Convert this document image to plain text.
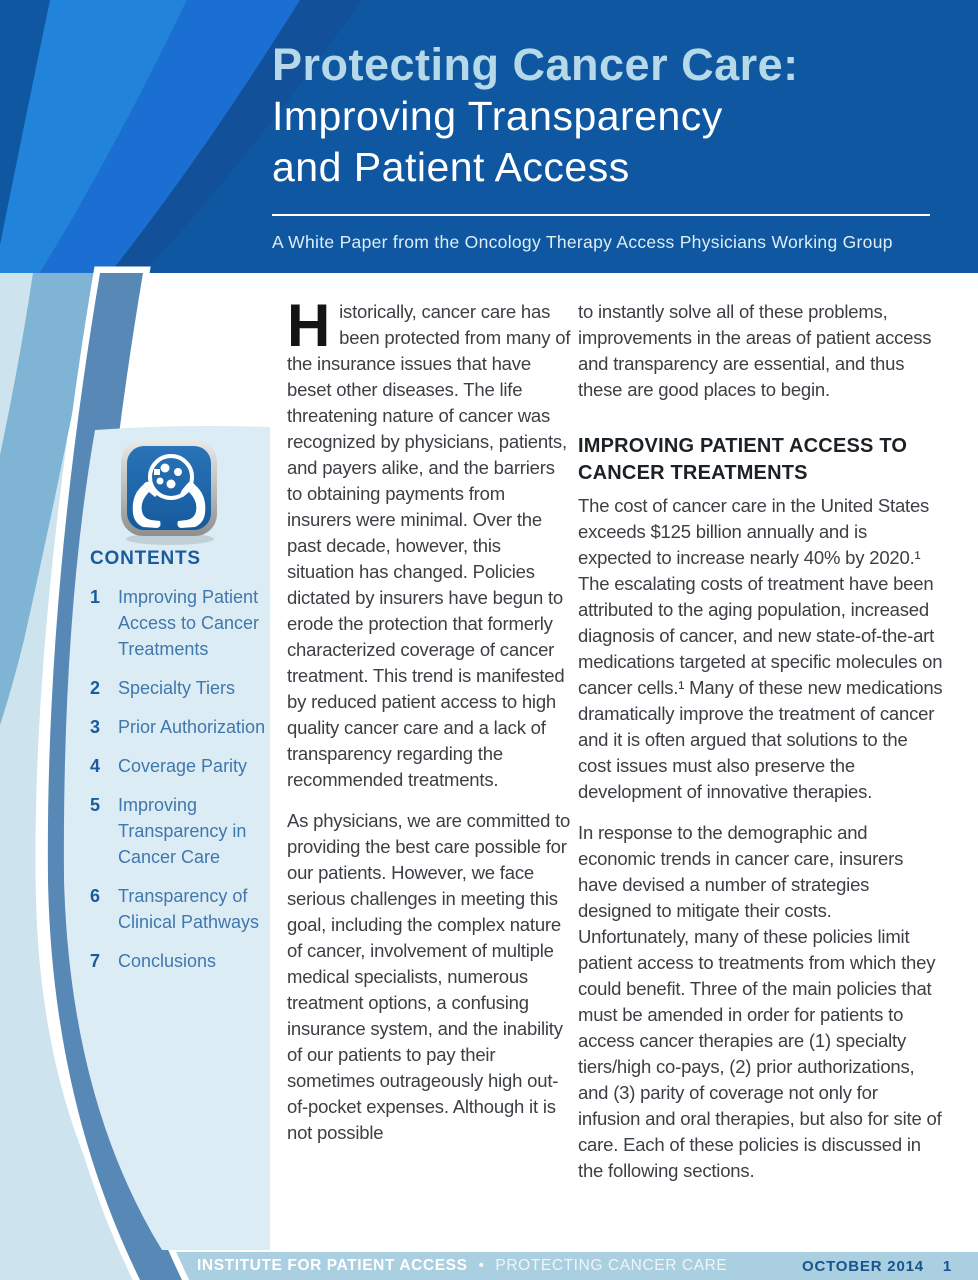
Protecting Cancer Care:
Improving Transparency
and Patient Access
A White Paper from the Oncology Therapy Access Physicians Working Group
CONTENTS
1 Improving Patient Access to Cancer Treatments
2 Specialty Tiers
3 Prior Authorization
4 Coverage Parity
5 Improving Transparency in Cancer Care
6 Transparency of Clinical Pathways
7 Conclusions

Historically, cancer care has been protected from many of the insurance issues that have beset other diseases. The life threatening nature of cancer was recognized by physicians, patients, and payers alike, and the barriers to obtaining payments from insurers were minimal. Over the past decade, however, this situation has changed. Policies dictated by insurers have begun to erode the protection that formerly characterized coverage of cancer treatment. This trend is manifested by reduced patient access to high quality cancer care and a lack of transparency regarding the recommended treatments.

As physicians, we are committed to providing the best care possible for our patients. However, we face serious challenges in meeting this goal, including the complex nature of cancer, involvement of multiple medical specialists, numerous treatment options, a confusing insurance system, and the inability of our patients to pay their sometimes outrageously high out-of-pocket expenses. Although it is not possible

to instantly solve all of these problems, improvements in the areas of patient access and transparency are essential, and thus these are good places to begin.

IMPROVING PATIENT ACCESS TO CANCER TREATMENTS

The cost of cancer care in the United States exceeds $125 billion annually and is expected to increase nearly 40% by 2020.¹ The escalating costs of treatment have been attributed to the aging population, increased diagnosis of cancer, and new state-of-the-art medications targeted at specific molecules on cancer cells.¹ Many of these new medications dramatically improve the treatment of cancer and it is often argued that solutions to the cost issues must also preserve the development of innovative therapies.

In response to the demographic and economic trends in cancer care, insurers have devised a number of strategies designed to mitigate their costs. Unfortunately, many of these policies limit patient access to treatments from which they could benefit. Three of the main policies that must be amended in order for patients to access cancer therapies are (1) specialty tiers/high co-pays, (2) prior authorizations, and (3) parity of coverage not only for infusion and oral therapies, but also for site of care. Each of these policies is discussed in the following sections.

INSTITUTE FOR PATIENT ACCESS • PROTECTING CANCER CARE	OCTOBER 2014 1
